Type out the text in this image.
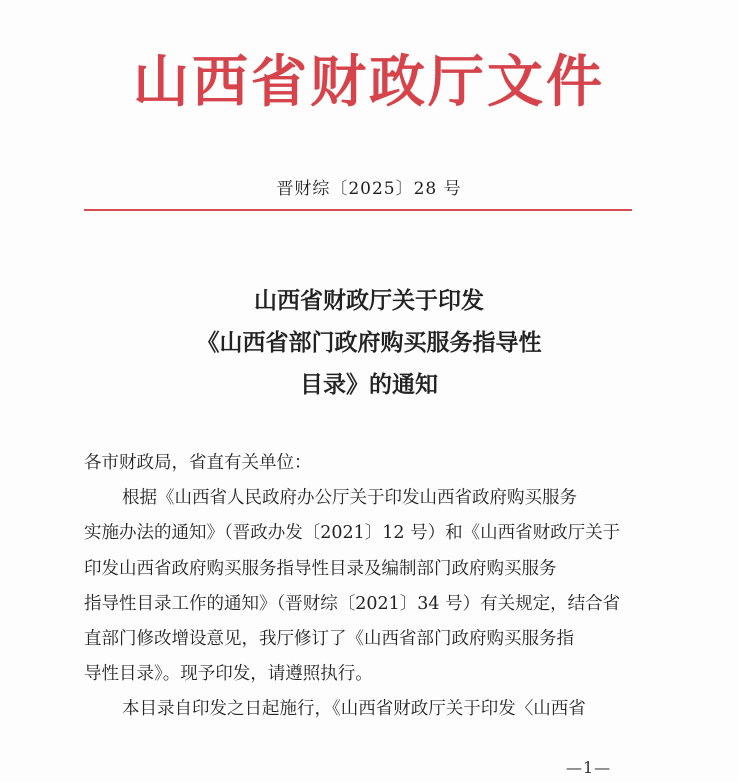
山西省财政厅文件
晋财综〔2025〕28 号
山西省财政厅关于印发
《山西省部门政府购买服务指导性
目录》的通知

各市财政局，省直有关单位：

根据《山西省人民政府办公厅关于印发山西省政府购买服务

实施办法的通知》（晋政办发〔2021〕12 号）和《山西省财政厅关于

印发山西省政府购买服务指导性目录及编制部门政府购买服务

指导性目录工作的通知》（晋财综〔2021〕34 号）有关规定，结合省

直部门修改增设意见，我厅修订了《山西省部门政府购买服务指

导性目录》。现予印发，请遵照执行。

本目录自印发之日起施行，《山西省财政厅关于印发〈山西省

—1—
